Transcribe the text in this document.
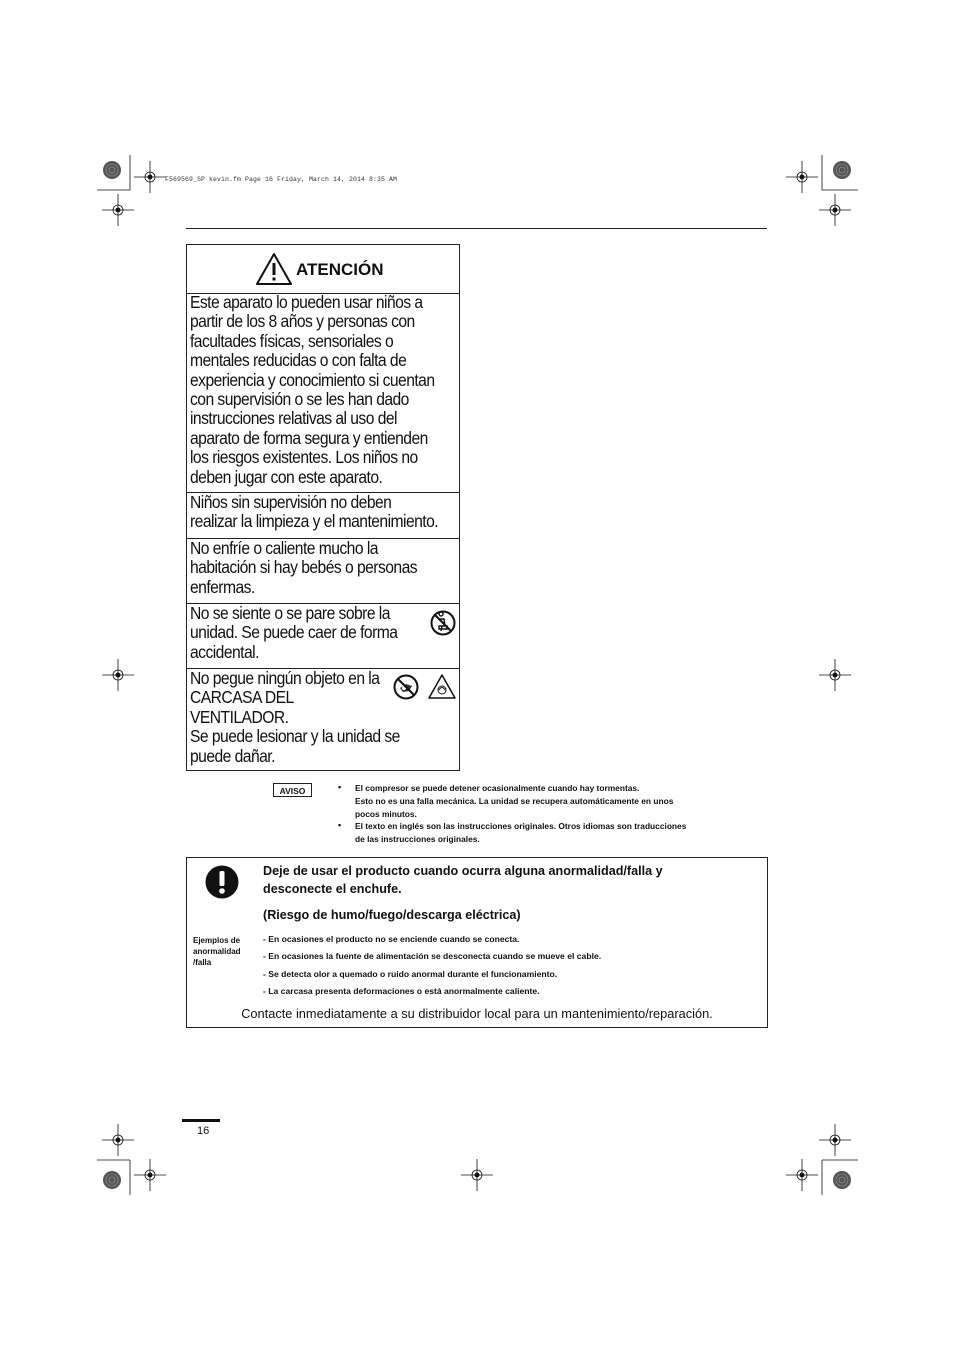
F569569_SP kevin.fm Page 16 Friday, March 14, 2014 8:35 AM
ATENCIÓN
Este aparato lo pueden usar niños a
partir de los 8 años y personas con
facultades físicas, sensoriales o
mentales reducidas o con falta de
experiencia y conocimiento si cuentan
con supervisión o se les han dado
instrucciones relativas al uso del
aparato de forma segura y entienden
los riesgos existentes. Los niños no
deben jugar con este aparato.
Niños sin supervisión no deben
realizar la limpieza y el mantenimiento.
No enfríe o caliente mucho la
habitación si hay bebés o personas
enfermas.
No se siente o se pare sobre la
unidad. Se puede caer de forma
accidental.
No pegue ningún objeto en la
CARCASA DEL
VENTILADOR.
Se puede lesionar y la unidad se
puede dañar.
AVISO	• El compresor se puede detener ocasionalmente cuando hay tormentas.
Esto no es una falla mecánica. La unidad se recupera automáticamente en unos
pocos minutos.
• El texto en inglés son las instrucciones originales. Otros idiomas son traducciones
de las instrucciones originales.
Deje de usar el producto cuando ocurra alguna anormalidad/falla y desconecte el enchufe.
(Riesgo de humo/fuego/descarga eléctrica)
Ejemplos de
anormalidad
/falla
- En ocasiones el producto no se enciende cuando se conecta.
- En ocasiones la fuente de alimentación se desconecta cuando se mueve el cable.
- Se detecta olor a quemado o ruido anormal durante el funcionamiento.
- La carcasa presenta deformaciones o está anormalmente caliente.
Contacte inmediatamente a su distribuidor local para un mantenimiento/reparación.
16
